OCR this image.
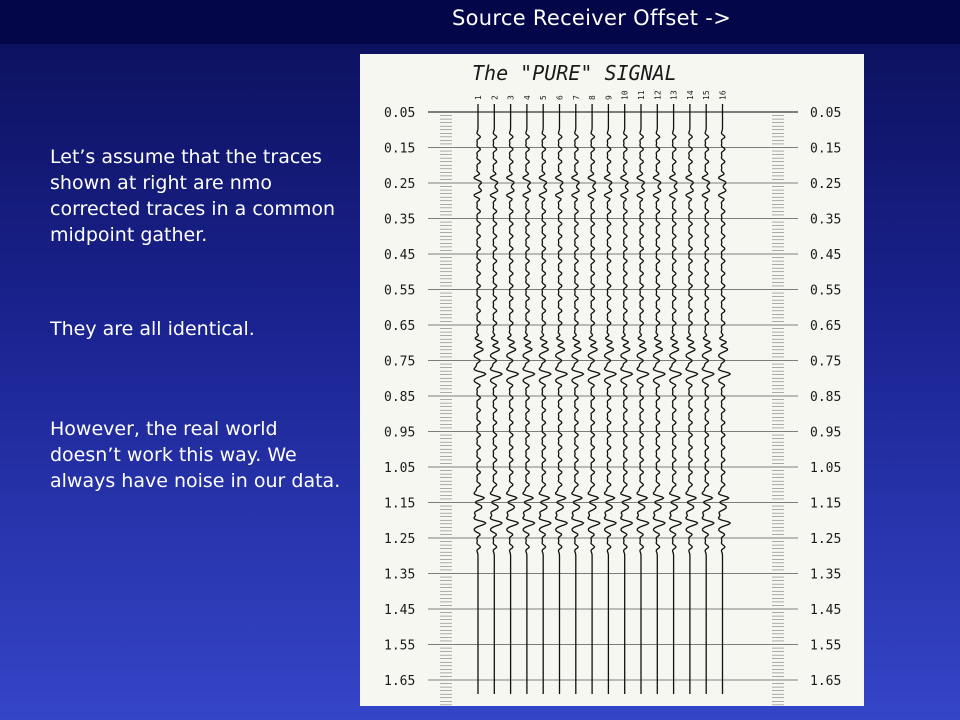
Source Receiver Offset ->
Let’s assume that the traces shown at right are nmo corrected traces in a common midpoint gather.
They are all identical.
However, the real world doesn’t work this way. We always have noise in our data.
The "PURE" SIGNAL
1 2 3 4 5 6 7 8 9 10 11 12 13 14 15 16
0.05
0.15
0.25
0.35
0.45
0.55
0.65
0.75
0.85
0.95
1.05
1.15
1.25
1.35
1.45
1.55
1.65
0.05
0.15
0.25
0.35
0.45
0.55
0.65
0.75
0.85
0.95
1.05
1.15
1.25
1.35
1.45
1.55
1.65
